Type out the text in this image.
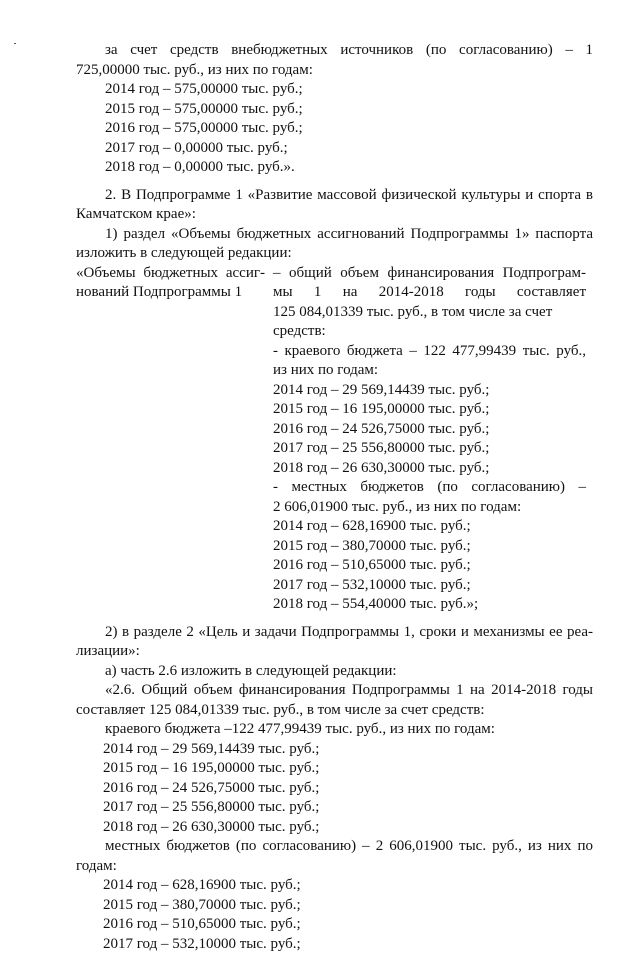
за счет средств внебюджетных источников (по согласованию) – 1

725,00000 тыс. руб., из них по годам:

2014 год – 575,00000 тыс. руб.;

2015 год – 575,00000 тыс. руб.;

2016 год – 575,00000 тыс. руб.;

2017 год – 0,00000 тыс. руб.;

2018 год – 0,00000 тыс. руб.».

2. В Подпрограмме 1 «Развитие массовой физической культуры и спорта в

Камчатском крае»:

1) раздел «Объемы бюджетных ассигнований Подпрограммы 1» паспорта

изложить в следующей редакции:

«Объемы бюджетных ассиг-

нований Подпрограммы 1

– общий объем финансирования Подпрограм-

мы 1 на 2014-2018 годы составляет

125 084,01339 тыс. руб., в том числе за счет

средств:

- краевого бюджета – 122 477,99439 тыс. руб.,

из них по годам:

2014 год – 29 569,14439 тыс. руб.;

2015 год – 16 195,00000 тыс. руб.;

2016 год – 24 526,75000 тыс. руб.;

2017 год – 25 556,80000 тыс. руб.;

2018 год – 26 630,30000 тыс. руб.;

- местных бюджетов (по согласованию) –

2 606,01900 тыс. руб., из них по годам:

2014 год – 628,16900 тыс. руб.;

2015 год – 380,70000 тыс. руб.;

2016 год – 510,65000 тыс. руб.;

2017 год – 532,10000 тыс. руб.;

2018 год – 554,40000 тыс. руб.»;

2) в разделе 2 «Цель и задачи Подпрограммы 1, сроки и механизмы ее реа-

лизации»:

а) часть 2.6 изложить в следующей редакции:

«2.6. Общий объем финансирования Подпрограммы 1 на 2014-2018 годы

составляет 125 084,01339 тыс. руб., в том числе за счет средств:

краевого бюджета –122 477,99439 тыс. руб., из них по годам:

2014 год – 29 569,14439 тыс. руб.;

2015 год – 16 195,00000 тыс. руб.;

2016 год – 24 526,75000 тыс. руб.;

2017 год – 25 556,80000 тыс. руб.;

2018 год – 26 630,30000 тыс. руб.;

местных бюджетов (по согласованию) – 2 606,01900 тыс. руб., из них по

годам:

2014 год – 628,16900 тыс. руб.;

2015 год – 380,70000 тыс. руб.;

2016 год – 510,65000 тыс. руб.;

2017 год – 532,10000 тыс. руб.;
